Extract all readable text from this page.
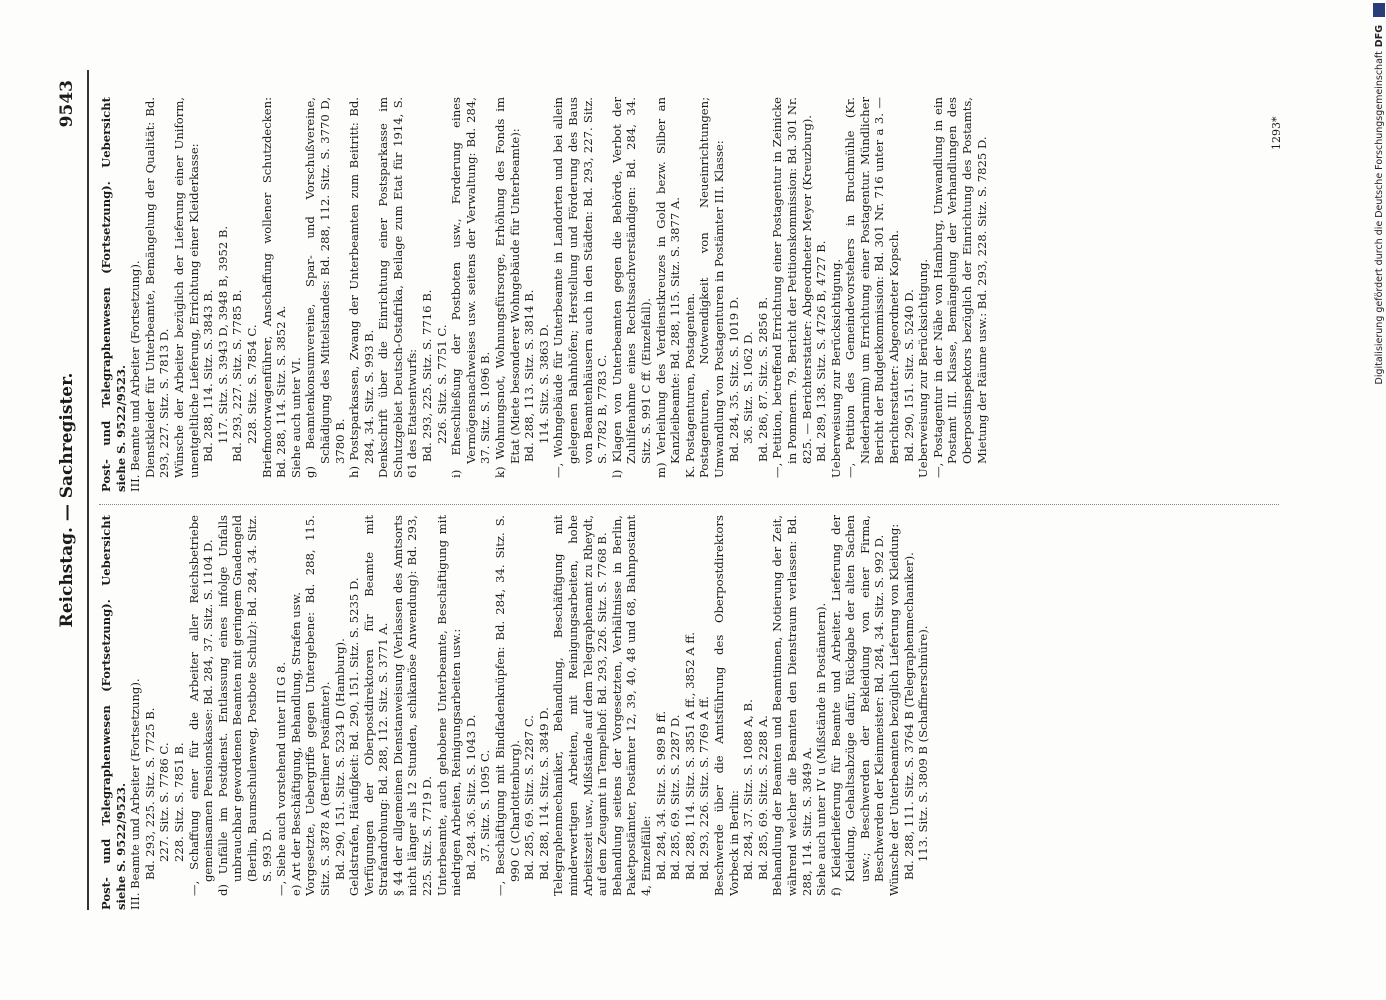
Reichstag. — Sachregister.
9543

Post- und Telegraphenwesen (Fortsetzung). Uebersicht siehe S. 9522/9523. III. Beamte und Arbeiter (Fortsetzung). Bd. 293, 225. Sitz. S. 7725 B. 227. Sitz. S. 7786 C. 228. Sitz. S. 7851 B. —, Schaffung einer für die Arbeiter aller Reichsbetriebe gemeinsamen Pensionskasse: Bd. 284, 37. Sitz. S. 1104 D. d) Unfälle im Postdienst. Entlassung eines infolge Unfalls unbrauchbar gewordenen Beamten mit geringem Gnadengeld (Berlin, Baumschulenweg, Postbote Schulz): Bd. 284, 34. Sitz. S. 993 D. —, Siehe auch vorstehend unter III G 8. e) Art der Beschäftigung, Behandlung, Strafen usw. Vorgesetzte, Uebergriffe gegen Untergebene: Bd. 288, 115. Sitz. S. 3878 A (Berliner Postämter). Bd. 290, 151. Sitz. S. 5234 D (Hamburg). Geldstrafen, Häufigkeit: Bd. 290, 151. Sitz. S. 5235 D. Verfügungen der Oberpostdirektoren für Beamte mit Strafandrohung: Bd. 288, 112. Sitz. S. 3771 A. § 44 der allgemeinen Dienstanweisung (Verlassen des Amtsorts nicht länger als 12 Stunden, schikanöse Anwendung): Bd. 293, 225. Sitz. S. 7719 D. Unterbeamte, auch gehobene Unterbeamte, Beschäftigung mit niedrigen Arbeiten, Reinigungsarbeiten usw.: Bd. 284. 36. Sitz. S. 1043 D. 37. Sitz. S. 1095 C. —, Beschäftigung mit Bindfadenknüpfen: Bd. 284, 34. Sitz. S. 990 C (Charlottenburg). Bd. 285, 69. Sitz. S. 2287 C. Bd. 288, 114. Sitz. S. 3849 D. Telegraphenmechaniker, Behandlung, Beschäftigung mit minderwertigen Arbeiten, mit Reinigungsarbeiten, hohe Arbeitszeit usw., Mißstände auf dem Telegraphenamt zu Rheydt, auf dem Zeugamt in Tempelhof: Bd. 293, 226. Sitz. S. 7768 B. Behandlung seitens der Vorgesetzten, Verhältnisse in Berlin, Paketpostämter, Postämter 12, 39, 40, 48 und 68, Bahnpostamt 4, Einzelfälle: Bd. 284, 34. Sitz. S. 989 B ff. Bd. 285, 69. Sitz. S. 2287 D. Bd. 288, 114. Sitz. S. 3851 A ff., 3852 A ff. Bd. 293, 226. Sitz. S. 7769 A ff. Beschwerde über die Amtsführung des Oberpostdirektors Vorbeck in Berlin: Bd. 284, 37. Sitz. S. 1088 A, B. Bd. 285, 69. Sitz. S. 2288 A. Behandlung der Beamten und Beamtinnen, Notierung der Zeit, während welcher die Beamten den Dienstraum verlassen: Bd. 288, 114. Sitz. S. 3849 A. Siehe auch unter IV u (Mißstände in Postämtern). f) Kleiderlieferung für Beamte und Arbeiter. Lieferung der Kleidung, Gehaltsabzüge dafür, Rückgabe der alten Sachen usw.; Beschwerden der Bekleidung von einer Firma, Beschwerden der Kleinmeister: Bd. 284, 34. Sitz. S. 992 D. Wünsche der Unterbeamten bezüglich Lieferung von Kleidung: Bd. 288, 111. Sitz. S. 3764 B (Telegraphenmechaniker). 113. Sitz. S. 3809 B (Schaffnerschnüre).

Post- und Telegraphenwesen (Fortsetzung). Uebersicht siehe S. 9522/9523. III. Beamte und Arbeiter (Fortsetzung). Dienstkleider für Unterbeamte, Bemängelung der Qualität: Bd. 293, 227. Sitz. S. 7813 D. Wünsche der Arbeiter bezüglich der Lieferung einer Uniform, unentgeltliche Lieferung, Errichtung einer Kleiderkasse: Bd. 288, 114. Sitz. S. 3843 B. 117. Sitz. S. 3943 D, 3948 B, 3952 B. Bd. 293, 227. Sitz. S. 7785 B. 228. Sitz. S. 7854 C. Briefmotorwagenführer, Anschaffung wollener Schutzdecken: Bd. 288, 114. Sitz. S. 3852 A. Siehe auch unter VI. g) Beamtenkonsumvereine, Spar- und Vorschußvereine, Schädigung des Mittelstandes: Bd. 288, 112. Sitz. S. 3770 D, 3780 B. h) Postsparkassen, Zwang der Unterbeamten zum Beitritt: Bd. 284, 34. Sitz. S. 993 B. Denkschrift über die Einrichtung einer Postsparkasse im Schutzgebiet Deutsch-Ostafrika, Beilage zum Etat für 1914, S. 61 des Etatsentwurfs: Bd. 293, 225. Sitz. S. 7716 B. 226. Sitz. S. 7751 C. i) Eheschließung der Postboten usw., Forderung eines Vermögensnachweises usw. seitens der Verwaltung: Bd. 284, 37. Sitz. S. 1096 B. k) Wohnungsnot, Wohnungsfürsorge, Erhöhung des Fonds im Etat (Miete besonderer Wohngebäude für Unterbeamte): Bd. 288, 113. Sitz. S. 3814 B. 114. Sitz. S. 3863 D. —, Wohngebäude für Unterbeamte in Landorten und bei allein gelegenen Bahnhöfen; Herstellung und Förderung des Baus von Beamtenhäusern auch in den Städten: Bd. 293, 227. Sitz. S. 7782 B, 7783 C. l) Klagen von Unterbeamten gegen die Behörde, Verbot der Zuhilfenahme eines Rechtssachverständigen: Bd. 284, 34. Sitz. S. 991 C ff. (Einzelfall). m) Verleihung des Verdienstkreuzes in Gold bezw. Silber an Kanzleibeamte: Bd. 288, 115. Sitz. S. 3877 A. K. Postagenturen, Postagenten. Postagenturen, Notwendigkeit von Neueinrichtungen; Umwandlung von Postagenturen in Postämter III. Klasse: Bd. 284, 35. Sitz. S. 1019 D. 36. Sitz. S. 1062 D. Bd. 286, 87. Sitz. S. 2856 B. —, Petition, betreffend Errichtung einer Postagentur in Zeinicke in Pommern. 79. Bericht der Petitionskommission: Bd. 301 Nr. 825. — Berichterstatter: Abgeordneter Meyer (Kreuzburg). Bd. 289, 138. Sitz. S. 4726 B, 4727 B. Ueberweisung zur Berücksichtigung. —, Petition des Gemeindevorstehers in Bruchmühle (Kr. Niederbarnim) um Errichtung einer Postagentur. Mündlicher Bericht der Budgetkommission: Bd. 301 Nr. 716 unter a 3. — Berichterstatter: Abgeordneter Kopsch. Bd. 290, 151. Sitz. S. 5240 D. Ueberweisung zur Berücksichtigung. —, Postagentur in der Nähe von Hamburg, Umwandlung in ein Postamt III. Klasse, Bemängelung der Verhandlungen des Oberpostinspektors bezüglich der Einrichtung des Postamts, Mietung der Räume usw.: Bd. 293, 228. Sitz. S. 7825 D.

1293*	Digitalisierung gefördert durch die Deutsche Forschungsgemeinschaft
DFG
